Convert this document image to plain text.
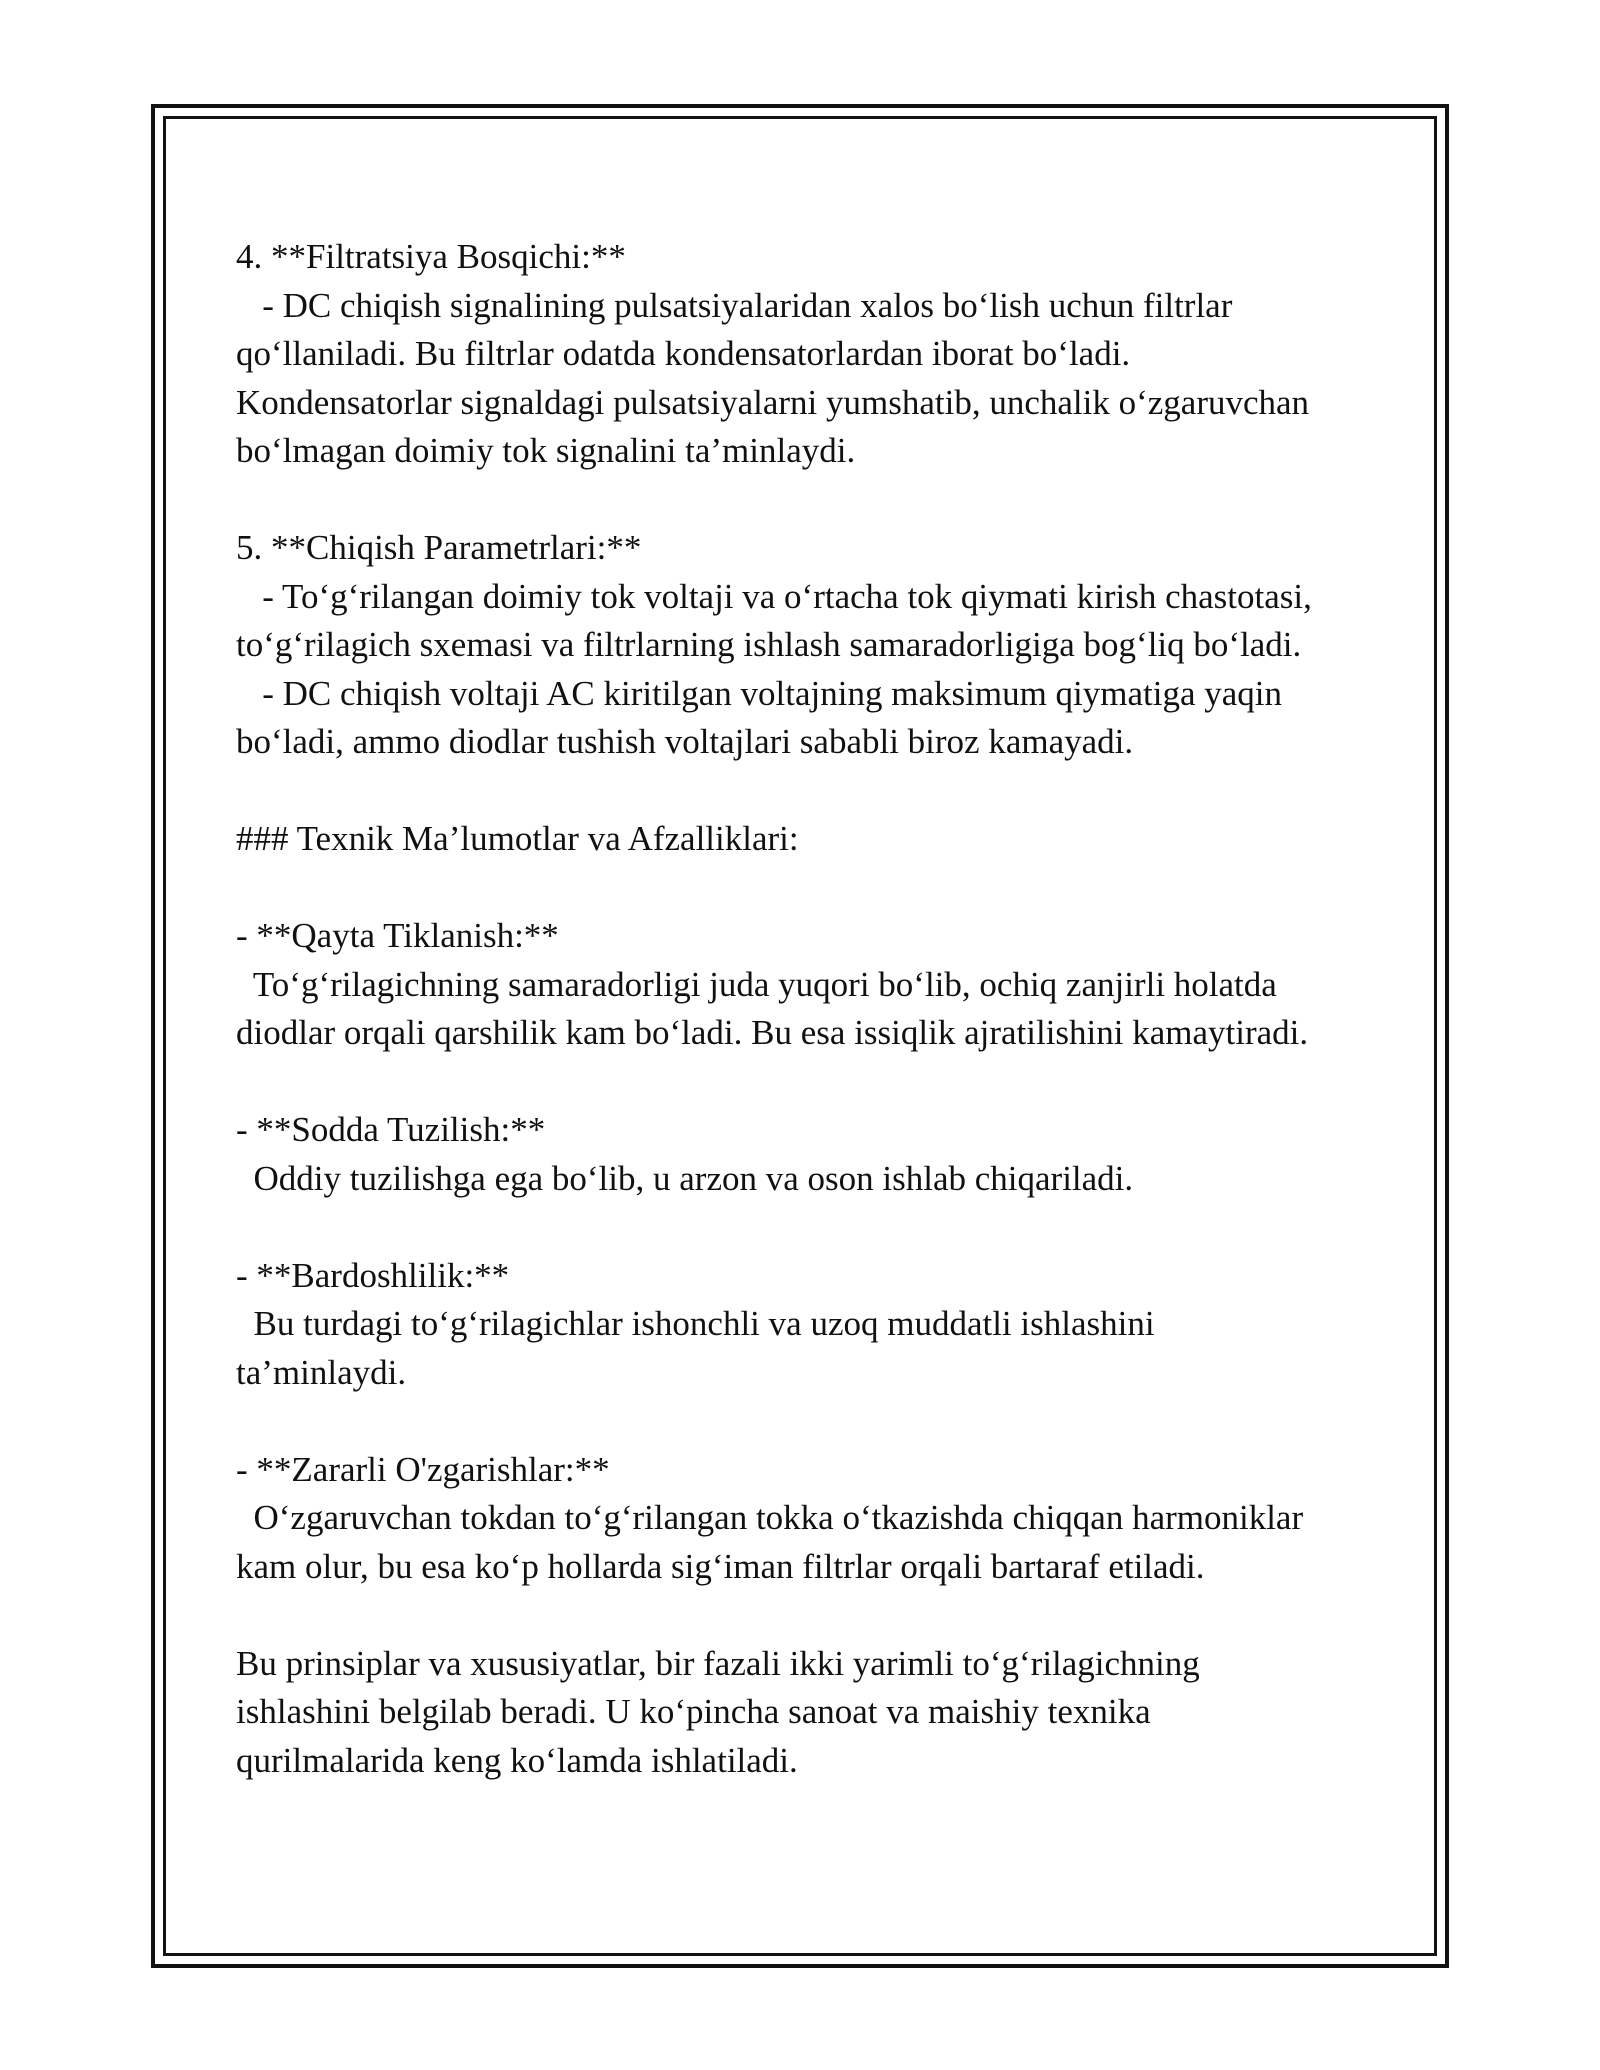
4. **Filtratsiya Bosqichi:**
- DC chiqish signalining pulsatsiyalaridan xalos bo‘lish uchun filtrlar
qo‘llaniladi. Bu filtrlar odatda kondensatorlardan iborat bo‘ladi.
Kondensatorlar signaldagi pulsatsiyalarni yumshatib, unchalik o‘zgaruvchan
bo‘lmagan doimiy tok signalini ta’minlaydi.
5. **Chiqish Parametrlari:**
- To‘g‘rilangan doimiy tok voltaji va o‘rtacha tok qiymati kirish chastotasi,
to‘g‘rilagich sxemasi va filtrlarning ishlash samaradorligiga bog‘liq bo‘ladi.
- DC chiqish voltaji AC kiritilgan voltajning maksimum qiymatiga yaqin
bo‘ladi, ammo diodlar tushish voltajlari sababli biroz kamayadi.
### Texnik Ma’lumotlar va Afzalliklari:
- **Qayta Tiklanish:**
To‘g‘rilagichning samaradorligi juda yuqori bo‘lib, ochiq zanjirli holatda
diodlar orqali qarshilik kam bo‘ladi. Bu esa issiqlik ajratilishini kamaytiradi.
- **Sodda Tuzilish:**
Oddiy tuzilishga ega bo‘lib, u arzon va oson ishlab chiqariladi.
- **Bardoshlilik:**
Bu turdagi to‘g‘rilagichlar ishonchli va uzoq muddatli ishlashini
ta’minlaydi.
- **Zararli O'zgarishlar:**
O‘zgaruvchan tokdan to‘g‘rilangan tokka o‘tkazishda chiqqan harmoniklar
kam olur, bu esa ko‘p hollarda sig‘iman filtrlar orqali bartaraf etiladi.
Bu prinsiplar va xususiyatlar, bir fazali ikki yarimli to‘g‘rilagichning
ishlashini belgilab beradi. U ko‘pincha sanoat va maishiy texnika
qurilmalarida keng ko‘lamda ishlatiladi.
